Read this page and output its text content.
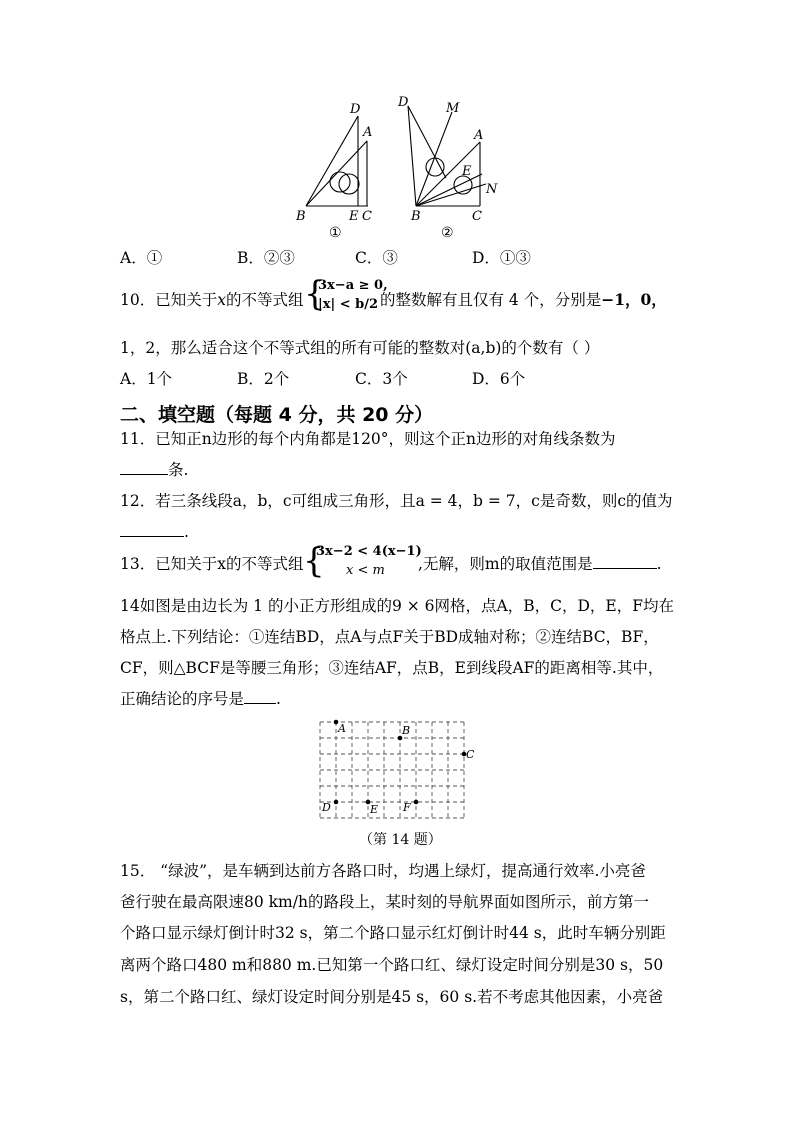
D
A
B	E C
①
D	M
A
E
N
B	C
②
A．①	B．②③	C．③	D．①③
10．已知关于x的不等式组 {
3x−a ≥ 0,
|x| < b/2 的整数解有且仅有 4 个，分别是−1，0，
1，2，那么适合这个不等式组的所有可能的整数对(a,b)的个数有（ ）
A．1个	B．2个	C．3个	D．6个
二、填空题（每题 4 分，共 20 分）
11．已知正n边形的每个内角都是120°，则这个正n边形的对角线条数为
条.
12．若三条线段a，b，c可组成三角形，且a = 4，b = 7，c是奇数，则c的值为
.
13．已知关于x的不等式组 {
3x−2 < 4(x−1)
x < m ,无解，则m的取值范围是	.
14如图是由边长为 1 的小正方形组成的9 × 6网格，点A，B，C，D，E，F均在
格点上.下列结论：①连结BD，点A与点F关于BD成轴对称；②连结BC，BF，
CF，则△BCF是等腰三角形；③连结AF，点B，E到线段AF的距离相等.其中，
正确结论的序号是 .
A	B
C
D	E F
（第 14 题）
15． “绿波”，是车辆到达前方各路口时，均遇上绿灯，提高通行效率.小亮爸
爸行驶在最高限速80 km/h的路段上，某时刻的导航界面如图所示，前方第一
个路口显示绿灯倒计时32 s，第二个路口显示红灯倒计时44 s，此时车辆分别距
离两个路口480 m和880 m.已知第一个路口红、绿灯设定时间分别是30 s，50
s，第二个路口红、绿灯设定时间分别是45 s，60 s.若不考虑其他因素，小亮爸
